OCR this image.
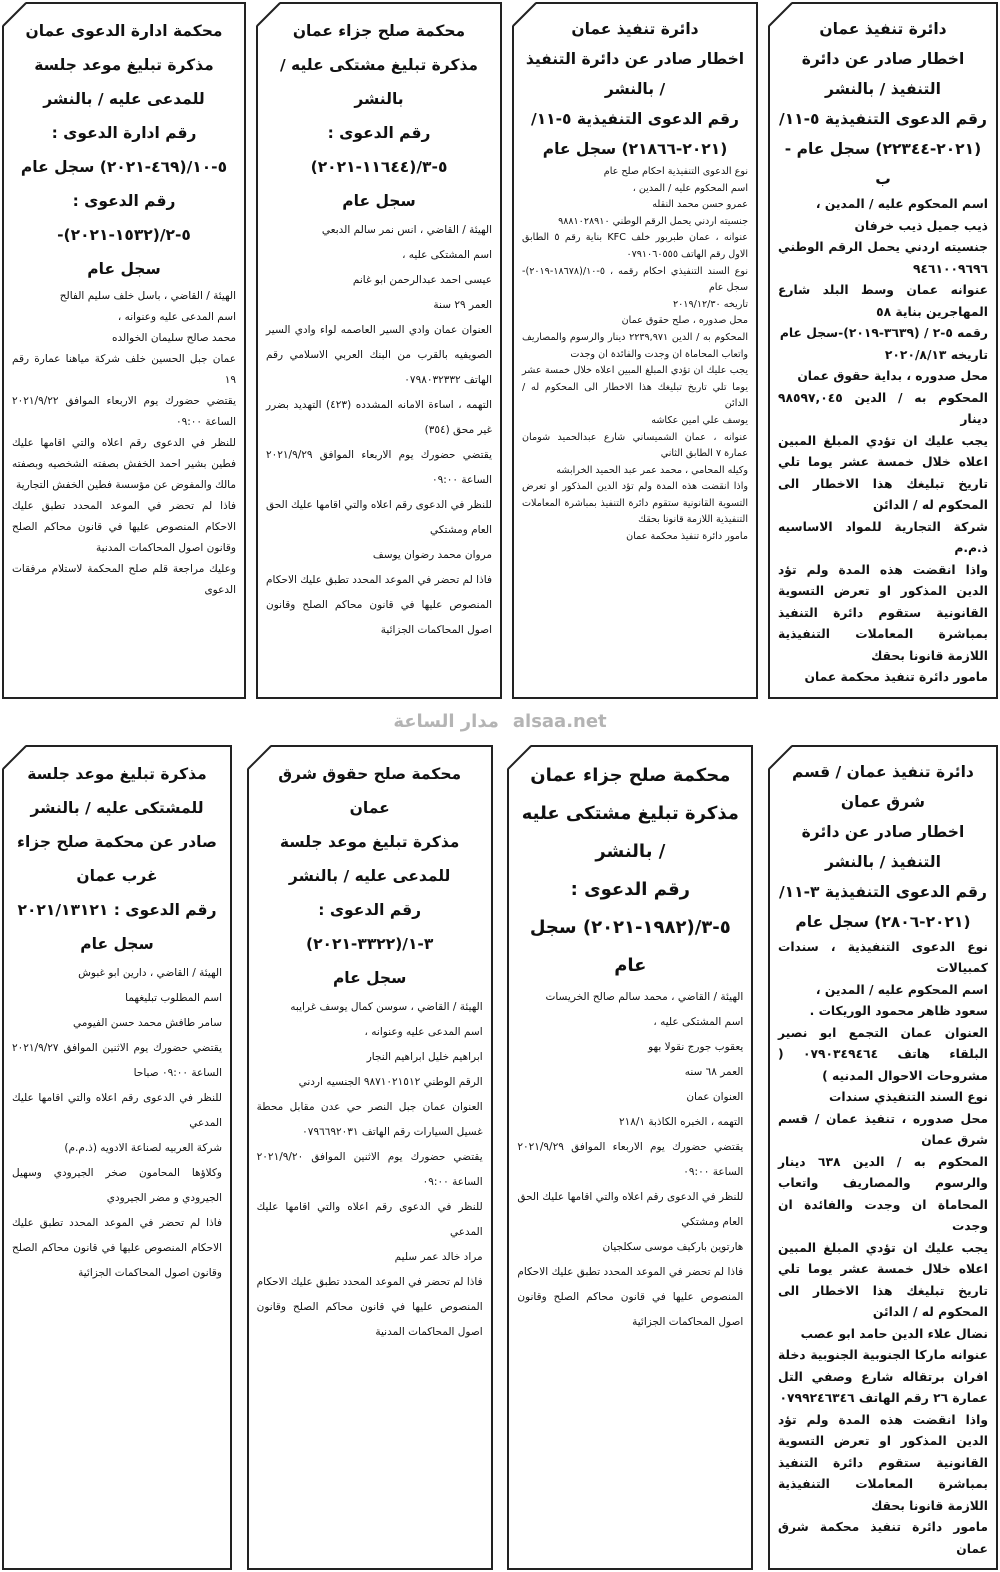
دائرة تنفيذ عمان

اخطار صادر عن دائرة التنفيذ / بالنشر

رقم الدعوى التنفيذية ٥-١١/

(٢٠٢١-٢٢٣٤٤) سجل عام - ب

اسم المحكوم عليه / المدين ،

ذيب جميل ذيب خرفان

جنسيته اردني يحمل الرقم الوطني ٩٤٦١٠٠٩٦٩٦

عنوانه عمان وسط البلد شارع المهاجرين بناية ٥٨

رقمه ٥-٢ / (٣٦٣٩-٢٠١٩)-سجل عام

تاريخه ٢٠٢٠/٨/١٣

محل صدوره ، بداية حقوق عمان

المحكوم به / الدين ٩٨٥٩٧,٠٤٥ دينار

يجب عليك ان تؤدي المبلغ المبين اعلاه خلال خمسة عشر يوما تلي تاريخ تبليغك هذا الاخطار الى المحكوم له / الدائن

شركة التجارية للمواد الاساسيه ذ.م.م

واذا انقضت هذه المدة ولم تؤد الدين المذكور او تعرض التسوية القانونية ستقوم دائرة التنفيذ بمباشرة المعاملات التنفيذية اللازمة قانونا بحقك

مامور دائرة تنفيذ محكمة عمان

دائرة تنفيذ عمان

اخطار صادر عن دائرة التنفيذ / بالنشر

رقم الدعوى التنفيذية ٥-١١/

(٢٠٢١-٢١٨٦٦) سجل عام

نوع الدعوى التنفيذية احكام صلح عام

اسم المحكوم عليه / المدين ،

عمرو حسن محمد النقله

جنسيته اردني يحمل الرقم الوطني ٩٨٨١٠٢٨٩١٠

عنوانه ، عمان طبربور خلف KFC بناية رقم ٥ الطابق الاول رقم الهاتف ٠٧٩١٠٦٠٥٥٥

نوع السند التنفيذي احكام رقمه ، ٥-١٠/(١٨٦٧٨-٢٠١٩)-سجل عام

تاريخه ٢٠١٩/١٢/٣٠

محل صدوره ، صلح حقوق عمان

المحكوم به / الدين ٢٢٣٩,٩٧١ دينار والرسوم والمصاريف واتعاب المحاماة ان وجدت والفائدة ان وجدت

يجب عليك ان تؤدي المبلغ المبين اعلاه خلال خمسة عشر يوما تلي تاريخ تبليغك هذا الاخطار الى المحكوم له / الدائن

يوسف علي امين عكاشه

عنوانه ، عمان الشميساني شارع عبدالحميد شومان عمارة ٧ الطابق الثاني

وكيله المحامي ، محمد عمر عبد الحميد الخرابشه

واذا انقضت هذه المدة ولم تؤد الدين المذكور او تعرض التسوية القانونية ستقوم دائرة التنفيذ بمباشرة المعاملات التنفيذية اللازمة قانونا بحقك

مامور دائرة تنفيذ محكمة عمان

محكمة صلح جزاء عمان

مذكرة تبليغ مشتكى عليه / بالنشر

رقم الدعوى : ٥-٣/(١١٦٤٤-٢٠٢١)

سجل عام

الهيئة / القاضي ، انس نمر سالم الدبعي

اسم المشتكى عليه ،

عيسى احمد عبدالرحمن ابو غانم

العمر ٢٩ سنة

العنوان عمان وادي السير العاصمه لواء وادي السير الصويفيه بالقرب من البنك العربي الاسلامي رقم الهاتف ٠٧٩٨٠٣٢٣٣٢

التهمه ، اساءة الامانه المشدده (٤٢٣) التهديد بضرر غير محق (٣٥٤)

يقتضي حضورك يوم الاربعاء الموافق ٢٠٢١/٩/٢٩ الساعة ٠٩:٠٠

للنظر في الدعوى رقم اعلاه والتي اقامها عليك الحق العام ومشتكي

مروان محمد رضوان يوسف

فاذا لم تحضر في الموعد المحدد تطبق عليك الاحكام المنصوص عليها في قانون محاكم الصلح وقانون اصول المحاكمات الجزائية

محكمة ادارة الدعوى عمان

مذكرة تبليغ موعد جلسة للمدعى عليه / بالنشر

رقم ادارة الدعوى : ٥-١٠/(٤٦٩-٢٠٢١) سجل عام

رقم الدعوى : ٥-٢/(١٥٣٢-٢٠٢١)-

سجل عام

الهيئة / القاضي ، باسل خلف سليم الفالح

اسم المدعى عليه وعنوانه ،

محمد صالح سليمان الخوالده

عمان جبل الحسين خلف شركة مياهنا عمارة رقم ١٩

يقتضي حضورك يوم الاربعاء الموافق ٢٠٢١/٩/٢٢ الساعة ٠٩:٠٠

للنظر في الدعوى رقم اعلاه والتي اقامها عليك فطين بشير احمد الخفش بصفته الشخصيه وبصفته مالك والمفوض عن مؤسسة فطين الخفش التجارية

فاذا لم تحضر في الموعد المحدد تطبق عليك الاحكام المنصوص عليها في قانون محاكم الصلح وقانون اصول المحاكمات المدنية

وعليك مراجعة قلم صلح المحكمة لاستلام مرفقات الدعوى

مدار الساعة alsaa.net

دائرة تنفيذ عمان / قسم شرق عمان

اخطار صادر عن دائرة التنفيذ / بالنشر

رقم الدعوى التنفيذية ٣-١١/

(٢٠٢١-٢٨٠٦) سجل عام

نوع الدعوى التنفيذية ، سندات كمبيالات

اسم المحكوم عليه / المدين ،

سعود ظاهر محمود الوريكات .

العنوان عمان التجمع ابو نصير البلقاء هاتف ٠٧٩٠٣٤٩٤٦٤ ( مشروحات الاحوال المدنيه )

نوع السند التنفيذي سندات

محل صدوره ، تنفيذ عمان / قسم شرق عمان

المحكوم به / الدين ٦٣٨ دينار والرسوم والمصاريف واتعاب المحاماة ان وجدت والفائدة ان وجدت

يجب عليك ان تؤدي المبلغ المبين اعلاه خلال خمسة عشر يوما تلي تاريخ تبليغك هذا الاخطار الى المحكوم له / الدائن

نضال علاء الدين حامد ابو عصب

عنوانه ماركا الجنوبية الجنوبية دخلة افران برتقاله شارع وصفي التل عمارة ٢٦ رقم الهاتف ٠٧٩٩٢٤٦٣٤٦

واذا انقضت هذه المدة ولم تؤد الدين المذكور او تعرض التسوية القانونية ستقوم دائرة التنفيذ بمباشرة المعاملات التنفيذية اللازمة قانونا بحقك

مامور دائرة تنفيذ محكمة شرق عمان

محكمة صلح جزاء عمان

مذكرة تبليغ مشتكى عليه / بالنشر

رقم الدعوى : ٥-٣/(١٩٨٢-٢٠٢١) سجل عام

الهيئة / القاضي ، محمد سالم صالح الخريسات

اسم المشتكى عليه ،

يعقوب جورج نقولا بهو

العمر ٦٨ سنه

العنوان عمان

التهمه ، الخبره الكاذبة ٢١٨/١

يقتضي حضورك يوم الاربعاء الموافق ٢٠٢١/٩/٢٩ الساعة ٠٩:٠٠

للنظر في الدعوى رقم اعلاه والتي اقامها عليك الحق العام ومشتكي

هارتوين باركيف موسى سكلجيان

فاذا لم تحضر في الموعد المحدد تطبق عليك الاحكام المنصوص عليها في قانون محاكم الصلح وقانون اصول المحاكمات الجزائية

محكمة صلح حقوق شرق عمان

مذكرة تبليغ موعد جلسة للمدعى عليه / بالنشر

رقم الدعوى : ٣-١/(٣٣٢٢-٢٠٢١)

سجل عام

الهيئة / القاضي ، سوسن كمال يوسف غرايبه

اسم المدعى عليه وعنوانه ،

ابراهيم خليل ابراهيم النجار

الرقم الوطني ٩٨٧١٠٢١٥١٢ الجنسيه اردني

العنوان عمان جبل النصر حي عدن مقابل محطة غسيل السيارات رقم الهاتف ٠٧٩٦٦٩٢٠٣١

يقتضي حضورك يوم الاثنين الموافق ٢٠٢١/٩/٢٠ الساعة ٠٩:٠٠

للنظر في الدعوى رقم اعلاه والتي اقامها عليك المدعي

مراد خالد عمر سليم

فاذا لم تحضر في الموعد المحدد تطبق عليك الاحكام المنصوص عليها في قانون محاكم الصلح وقانون اصول المحاكمات المدنية

مذكرة تبليغ موعد جلسة للمشتكى عليه / بالنشر

صادر عن محكمة صلح جزاء غرب عمان

رقم الدعوى : ٢٠٢١/١٣١٢١ سجل عام

الهيئة / القاضي ، دارين ابو غبوش

اسم المطلوب تبليغهما

سامر طافش محمد حسن الفيومي

يقتضي حضورك يوم الاثنين الموافق ٢٠٢١/٩/٢٧ الساعة ٠٩:٠٠ صباحا

للنظر في الدعوى رقم اعلاه والتي اقامها عليك المدعي

شركة العربيه لصناعة الادويه (ذ.م.م)

وكلاؤها المحامون صخر الجيرودي وسهيل الجيرودي و مضر الجيرودي

فاذا لم تحضر في الموعد المحدد تطبق عليك الاحكام المنصوص عليها في قانون محاكم الصلح وقانون اصول المحاكمات الجزائية
